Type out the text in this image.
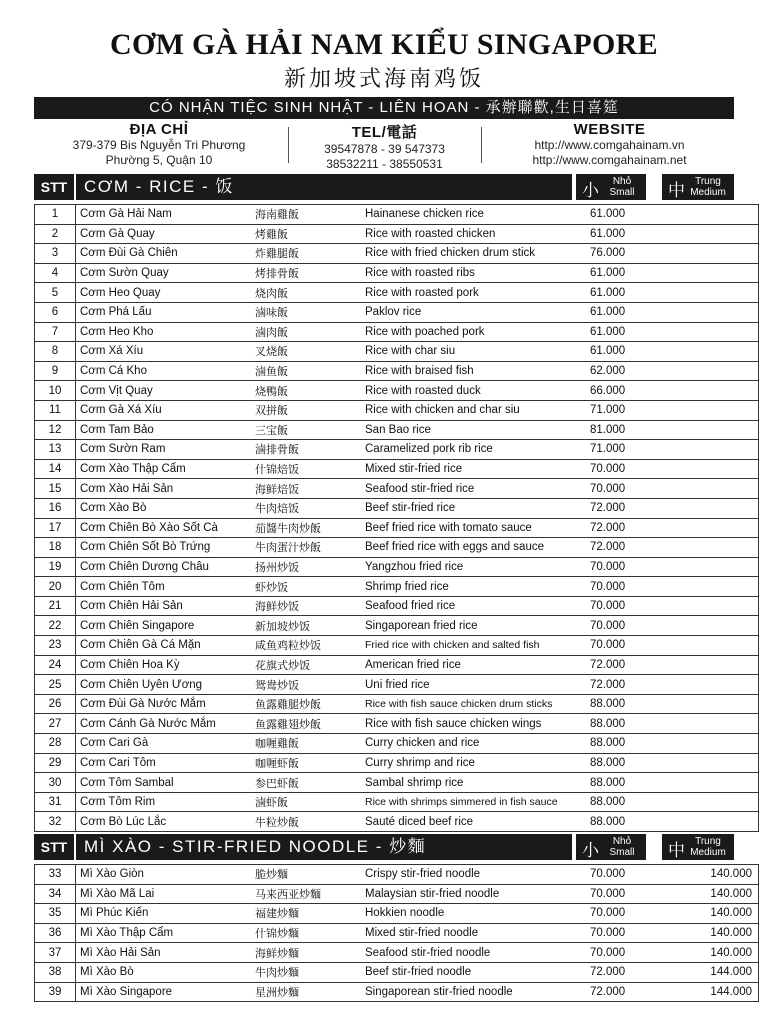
CƠM GÀ HẢI NAM KIỂU SINGAPORE
新加坡式海南鸡饭
CÓ NHẬN TIỆC SINH NHẬT - LIÊN HOAN - 承辦聯歡,生日喜筵
ĐỊA CHỈ
379-379 Bis Nguyễn Tri Phương
Phường 5, Quận 10
TEL/電話
39547878 - 39 547373
38532211 - 38550531
WEBSITE
http://www.comgahainam.vn
http://www.comgahainam.net
STT CƠM - RICE - 饭	小	Nhỏ
Small	中	Trung
Medium
1	Cơm Gà Hải Nam	海南雞飯	Hainanese chicken rice	61.000	
2	Cơm Gà Quay	烤雞飯	Rice with roasted chicken	61.000	
3	Cơm Đùi Gà Chiên	炸雞腿飯	Rice with fried chicken drum stick	76.000	
4	Cơm Sườn Quay	烤排骨飯	Rice with roasted ribs	61.000	
5	Cơm Heo Quay	烧肉飯	Rice with roasted pork	61.000	
6	Cơm Phá Lấu	滷味飯	Paklov rice	61.000	
7	Cơm Heo Kho	滷肉飯	Rice with poached pork	61.000	
8	Cơm Xá Xíu	叉烧飯	Rice with char siu	61.000	
9	Cơm Cá Kho	滷鱼飯	Rice with braised fish	62.000	
10	Cơm Vịt Quay	烧鴨飯	Rice with roasted duck	66.000	
11	Cơm Gà Xá Xíu	双拼飯	Rice with chicken and char siu	71.000	
12	Cơm Tam Bảo	三宝飯	San Bao rice	81.000	
13	Cơm Sườn Ram	滷排骨飯	Caramelized pork rib rice	71.000	
14	Cơm Xào Thập Cẩm	什锦焙饭	Mixed stir-fried rice	70.000	
15	Cơm Xào Hải Sản	海鲜焙饭	Seafood stir-fried rice	70.000	
16	Cơm Xào Bò	牛肉焙饭	Beef stir-fried rice	72.000	
17	Cơm Chiên Bò Xào Sốt Cà	茄醬牛肉炒飯	Beef fried rice with tomato sauce	72.000	
18	Cơm Chiên Sốt Bò Trứng	牛肉蛋汁炒飯	Beef fried rice with eggs and sauce	72.000	
19	Cơm Chiên Dương Châu	扬州炒饭	Yangzhou fried rice	70.000	
20	Cơm Chiên Tôm	虾炒饭	Shrimp fried rice	70.000	
21	Cơm Chiên Hải Sản	海鲜炒饭	Seafood fried rice	70.000	
22	Cơm Chiên Singapore	新加坡炒饭	Singaporean fried rice	70.000	
23	Cơm Chiên Gà Cá Mặn	咸鱼鸡粒炒饭	Fried rice with chicken and salted fish	70.000	
24	Cơm Chiên Hoa Kỳ	花旗式炒饭	American fried rice	72.000	
25	Cơm Chiên Uyên Ương	鸳鸯炒饭	Uni fried rice	72.000	
26	Cơm Đùi Gà Nước Mắm	鱼露雞腿炒飯	Rice with fish sauce chicken drum sticks	88.000	
27	Cơm Cánh Gà Nước Mắm	鱼露雞翅炒飯	Rice with fish sauce chicken wings	88.000	
28	Cơm Cari Gà	咖喱雞飯	Curry chicken and rice	88.000	
29	Cơm Cari Tôm	咖喱虾飯	Curry shrimp and rice	88.000	
30	Cơm Tôm Sambal	参巴虾飯	Sambal shrimp rice	88.000	
31	Cơm Tôm Rim	滷虾飯	Rice with shrimps simmered in fish sauce	88.000	
32	Cơm Bò Lúc Lắc	牛粒炒飯	Sauté diced beef rice	88.000	
STT MÌ XÀO - STIR-FRIED NOODLE - 炒麵	小	Nhỏ
Small	中	Trung
Medium
33	Mì Xào Giòn	脆炒麵	Crispy stir-fried noodle	70.000	140.000
34	Mì Xào Mã Lai	马来西亚炒麵	Malaysian stir-fried noodle	70.000	140.000
35	Mì Phúc Kiến	福建炒麵	Hokkien noodle	70.000	140.000
36	Mì Xào Thập Cẩm	什锦炒麵	Mixed stir-fried noodle	70.000	140.000
37	Mì Xào Hải Sản	海鲜炒麵	Seafood stir-fried noodle	70.000	140.000
38	Mì Xào Bò	牛肉炒麵	Beef stir-fried noodle	72.000	144.000
39	Mì Xào Singapore	星洲炒麵	Singaporean stir-fried noodle	72.000	144.000
